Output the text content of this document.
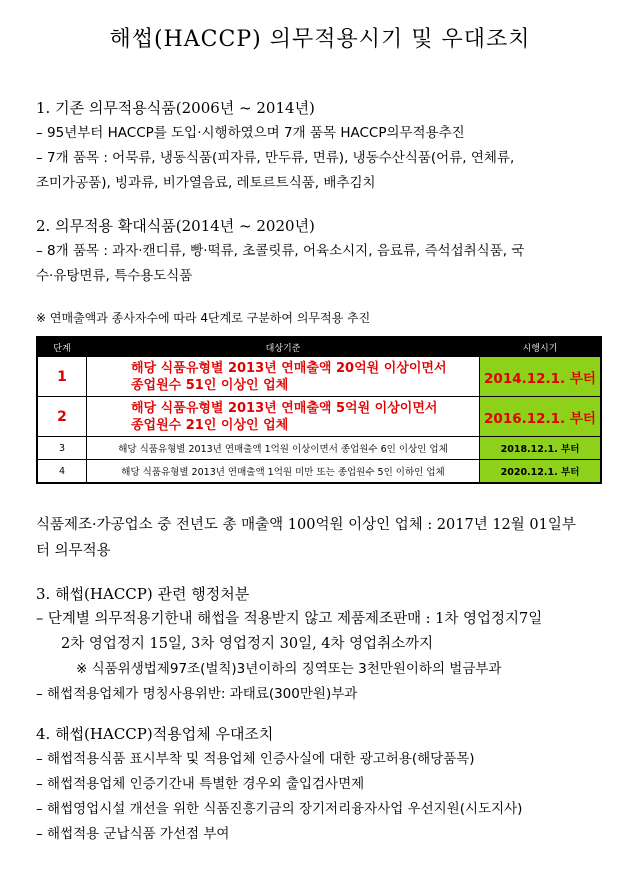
해썹(HACCP) 의무적용시기 및 우대조치
1. 기존 의무적용식품(2006년 ~ 2014년)
– 95년부터 HACCP를 도입·시행하였으며 7개 품목 HACCP의무적용추진
– 7개 품목 : 어묵류, 냉동식품(피자류, 만두류, 면류), 냉동수산식품(어류, 연체류,
조미가공품), 빙과류, 비가열음료, 레토르트식품, 배추김치
2. 의무적용 확대식품(2014년 ~ 2020년)
– 8개 품목 : 과자·캔디류, 빵·떡류, 초콜릿류, 어육소시지, 음료류, 즉석섭취식품, 국
수·유탕면류, 특수용도식품
※ 연매출액과 종사자수에 따라 4단계로 구분하여 의무적용 추진
단계	대상기준	시행시기
1	해당 식품유형별 2013년 연매출액 20억원 이상이면서
종업원수 51인 이상인 업체	2014.12.1. 부터
2	해당 식품유형별 2013년 연매출액 5억원 이상이면서
종업원수 21인 이상인 업체	2016.12.1. 부터
3	해당 식품유형별 2013년 연매출액 1억원 이상이면서 종업원수 6인 이상인 업체	2018.12.1. 부터
4	해당 식품유형별 2013년 연매출액 1억원 미만 또는 종업원수 5인 이하인 업체	2020.12.1. 부터
식품제조·가공업소 중 전년도 총 매출액 100억원 이상인 업체 : 2017년 12월 01일부
터 의무적용
3. 해썹(HACCP) 관련 행정처분
– 단계별 의무적용기한내 해썹을 적용받지 않고 제품제조판매 : 1차 영업정지7일
2차 영업정지 15일, 3차 영업정지 30일, 4차 영업취소까지
※ 식품위생법제97조(벌칙)3년이하의 징역또는 3천만원이하의 벌금부과
– 해썹적용업체가 명칭사용위반: 과태료(300만원)부과
4. 해썹(HACCP)적용업체 우대조치
– 해썹적용식품 표시부착 및 적용업체 인증사실에 대한 광고허용(해당품목)
– 해썹적용업체 인증기간내 특별한 경우외 출입검사면제
– 해썹영업시설 개선을 위한 식품진흥기금의 장기저리융자사업 우선지원(시도지사)
– 해썹적용 군납식품 가선점 부여
